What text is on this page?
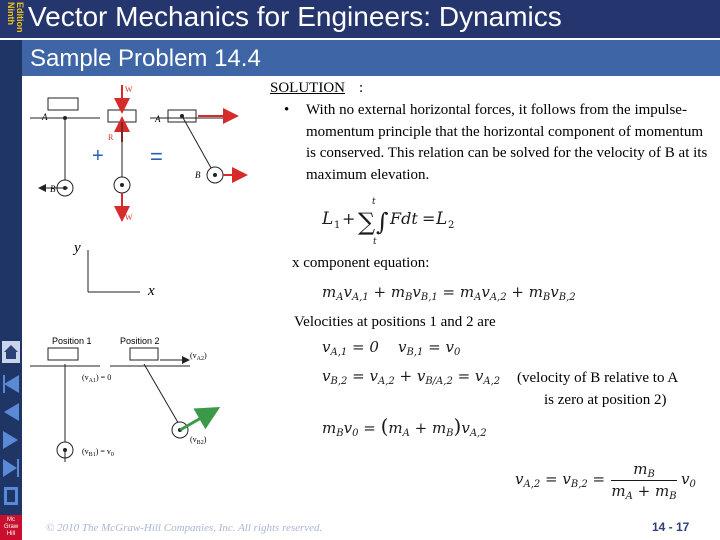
Ninth Edition Vector Mechanics for Engineers: Dynamics
Sample Problem 14.4
Mc
Graw
Hill
A
B
+
W
R
W
=
A
B
y
x
Position 1	Position 2
$(v_A1) = 0$
$(v_B1) = v_0$
$(v_A2)$
$(v_B2)$
SOLUTION :
•	With no external horizontal forces, it follows from the impulse-momentum principle that the horizontal component of momentum is conserved. This relation can be solved for the velocity of B at its maximum elevation.
L 1 + ∑ ∫
t
t
Fdt = L 2
x component equation:
$m_Av_{A,1} + m_Bv_{B,1} = m_Av_{A,2} + m_Bv_{B,2}$
Velocities at positions 1 and 2 are
$v_{A,1} = 0$    $v_{B,1} = v_0$
$v_{B,2} = v_{A,2} + v_{B/A,2} = v_{A,2}$ (velocity of B relative to A
is zero at position 2)
$m_Bv_0 = (m_A + m_B)v_{A,2}$
$v_{A,2} = v_{B,2}$ =
$m_B$
$m_A + m_B$
$v_0$
© 2010 The McGraw-Hill Companies, Inc. All rights reserved.	14 - 17
